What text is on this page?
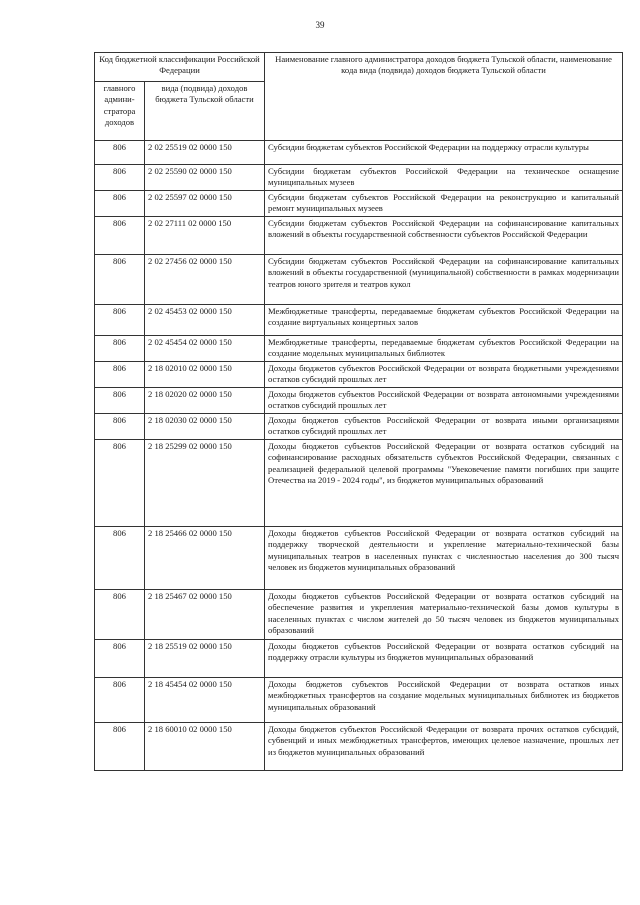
39
Код бюджетной классификации Российской Федерации		Наименование главного администратора доходов бюджета Тульской области, наименование кода вида (подвида) доходов бюджета Тульской области
главного админи-стратора доходов	вида (подвида) доходов бюджета Тульской области	
806	2 02 25519 02 0000 150	Субсидии бюджетам субъектов Российской Федерации на поддержку отрасли культуры
806	2 02 25590 02 0000 150	Субсидии бюджетам субъектов Российской Федерации на техническое оснащение муниципальных музеев
806	2 02 25597 02 0000 150	Субсидии бюджетам субъектов Российской Федерации на реконструкцию и капитальный ремонт муниципальных музеев
806	2 02 27111 02 0000 150	Субсидии бюджетам субъектов Российской Федерации на софинансирование капитальных вложений в объекты государственной собственности субъектов Российской Федерации
806	2 02 27456 02 0000 150	Субсидии бюджетам субъектов Российской Федерации на софинансирование капитальных вложений в объекты государственной (муниципальной) собственности в рамках модернизации театров юного зрителя и театров кукол
806	2 02 45453 02 0000 150	Межбюджетные трансферты, передаваемые бюджетам субъектов Российской Федерации на создание виртуальных концертных залов
806	2 02 45454 02 0000 150	Межбюджетные трансферты, передаваемые бюджетам субъектов Российской Федерации на создание модельных муниципальных библиотек
806	2 18 02010 02 0000 150	Доходы бюджетов субъектов Российской Федерации от возврата бюджетными учреждениями остатков субсидий прошлых лет
806	2 18 02020 02 0000 150	Доходы бюджетов субъектов Российской Федерации от возврата автономными учреждениями остатков субсидий прошлых лет
806	2 18 02030 02 0000 150	Доходы бюджетов субъектов Российской Федерации от возврата иными организациями остатков субсидий прошлых лет
806	2 18 25299 02 0000 150	Доходы бюджетов субъектов Российской Федерации от возврата остатков субсидий на софинансирование расходных обязательств субъектов Российской Федерации, связанных с реализацией федеральной целевой программы "Увековечение памяти погибших при защите Отечества на 2019 - 2024 годы", из бюджетов муниципальных образований
806	2 18 25466 02 0000 150	Доходы бюджетов субъектов Российской Федерации от возврата остатков субсидий на поддержку творческой деятельности и укрепление материально-технической базы муниципальных театров в населенных пунктах с численностью населения до 300 тысяч человек из бюджетов муниципальных образований
806	2 18 25467 02 0000 150	Доходы бюджетов субъектов Российской Федерации от возврата остатков субсидий на обеспечение развития и укрепления материально-технической базы домов культуры в населенных пунктах с числом жителей до 50 тысяч человек из бюджетов муниципальных образований
806	2 18 25519 02 0000 150	Доходы бюджетов субъектов Российской Федерации от возврата остатков субсидий на поддержку отрасли культуры из бюджетов муниципальных образований
806	2 18 45454 02 0000 150	Доходы бюджетов субъектов Российской Федерации от возврата остатков иных межбюджетных трансфертов на создание модельных муниципальных библиотек из бюджетов муниципальных образований
806	2 18 60010 02 0000 150	Доходы бюджетов субъектов Российской Федерации от возврата прочих остатков субсидий, субвенций и иных межбюджетных трансфертов, имеющих целевое назначение, прошлых лет из бюджетов муниципальных образований
